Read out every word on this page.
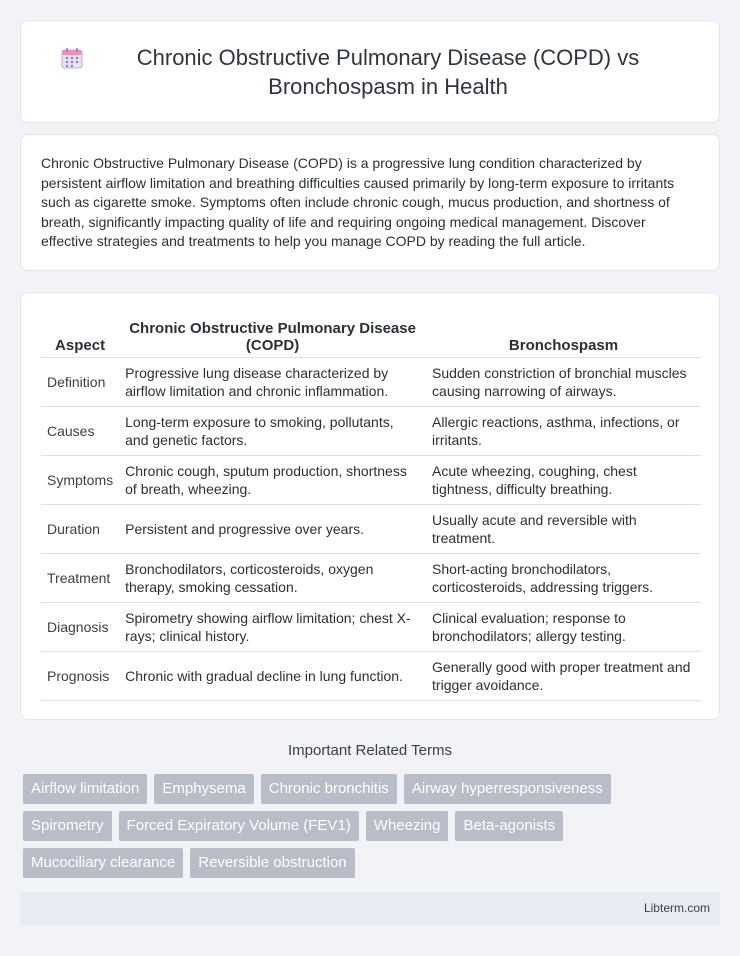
Chronic Obstructive Pulmonary Disease (COPD) vs Bronchospasm in Health

Chronic Obstructive Pulmonary Disease (COPD) is a progressive lung condition characterized by persistent airflow limitation and breathing difficulties caused primarily by long-term exposure to irritants such as cigarette smoke. Symptoms often include chronic cough, mucus production, and shortness of breath, significantly impacting quality of life and requiring ongoing medical management. Discover effective strategies and treatments to help you manage COPD by reading the full article.

Aspect	Chronic Obstructive Pulmonary Disease (COPD)	Bronchospasm
Definition	Progressive lung disease characterized by airflow limitation and chronic inflammation.	Sudden constriction of bronchial muscles causing narrowing of airways.
Causes	Long-term exposure to smoking, pollutants, and genetic factors.	Allergic reactions, asthma, infections, or irritants.
Symptoms	Chronic cough, sputum production, shortness of breath, wheezing.	Acute wheezing, coughing, chest tightness, difficulty breathing.
Duration	Persistent and progressive over years.	Usually acute and reversible with treatment.
Treatment	Bronchodilators, corticosteroids, oxygen therapy, smoking cessation.	Short-acting bronchodilators, corticosteroids, addressing triggers.
Diagnosis	Spirometry showing airflow limitation; chest X-rays; clinical history.	Clinical evaluation; response to bronchodilators; allergy testing.
Prognosis	Chronic with gradual decline in lung function.	Generally good with proper treatment and trigger avoidance.
Important Related Terms
Airflow limitation	Emphysema	Chronic bronchitis	Airway hyperresponsiveness
Spirometry	Forced Expiratory Volume (FEV1)	Wheezing	Beta-agonists
Mucociliary clearance	Reversible obstruction
Libterm.com
